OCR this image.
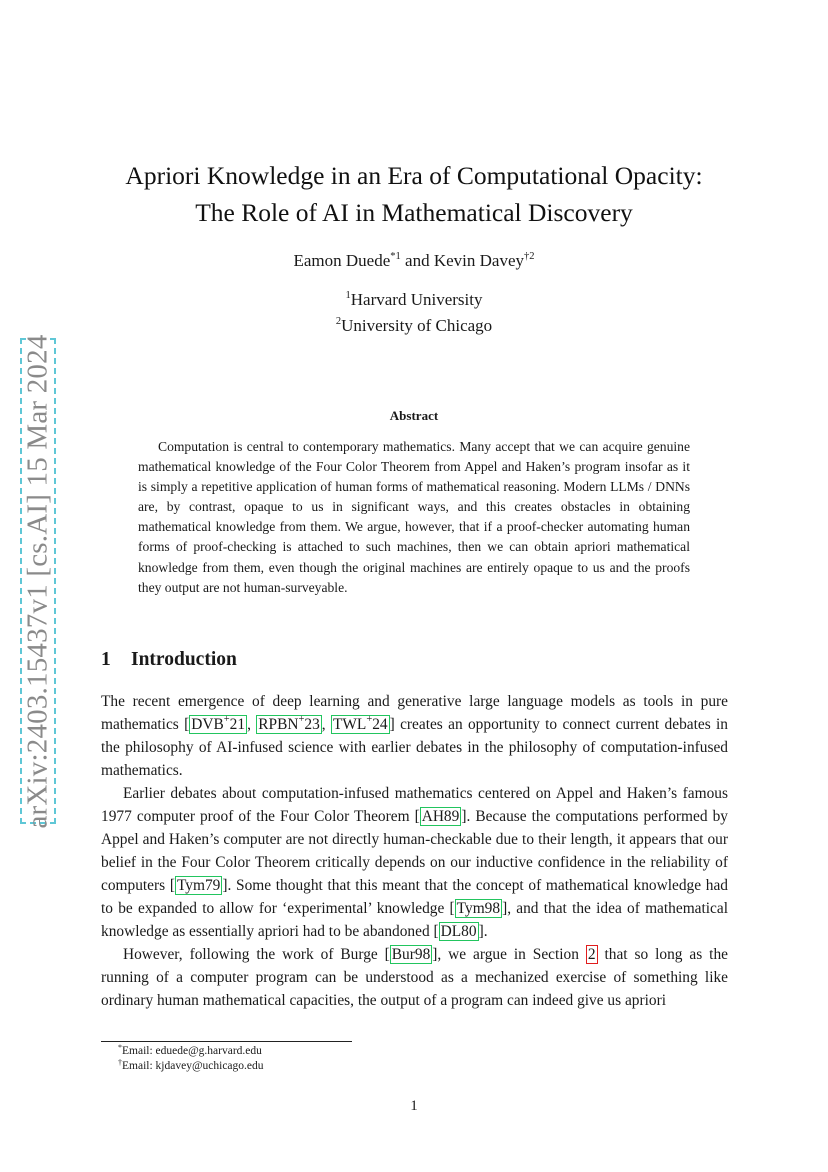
arXiv:2403.15437v1 [cs.AI] 15 Mar 2024
Apriori Knowledge in an Era of Computational Opacity:
The Role of AI in Mathematical Discovery
Eamon Duede$^{*1}$ and Kevin Davey$^{\dagger 2}$
$^1$Harvard University
$^2$University of Chicago
Abstract

Computation is central to contemporary mathematics. Many accept that we can acquire genuine mathematical knowledge of the Four Color Theorem from Appel and Haken’s program insofar as it is simply a repetitive application of human forms of mathematical reasoning. Modern LLMs / DNNs are, by contrast, opaque to us in significant ways, and this creates obstacles in obtaining mathematical knowledge from them. We argue, however, that if a proof-checker automating human forms of proof-checking is attached to such machines, then we can obtain apriori mathematical knowledge from them, even though the original machines are entirely opaque to us and the proofs they output are not human-surveyable.

1 Introduction

The recent emergence of deep learning and generative large language models as tools in pure mathematics [ DVB+21 , RPBN+23 , TWL+24 ] creates an opportunity to connect current debates in the philosophy of AI-infused science with earlier debates in the philosophy of computation-infused mathematics.

Earlier debates about computation-infused mathematics centered on Appel and Haken’s famous 1977 computer proof of the Four Color Theorem [ AH89 ]. Because the computations performed by Appel and Haken’s computer are not directly human-checkable due to their length, it appears that our belief in the Four Color Theorem critically depends on our inductive confidence in the reliability of computers [ Tym79 ]. Some thought that this meant that the concept of mathematical knowledge had to be expanded to allow for ‘experimental’ knowledge [ Tym98 ], and that the idea of mathematical knowledge as essentially apriori had to be abandoned [ DL80 ].

However, following the work of Burge [ Bur98 ], we argue in Section 2 that so long as the running of a computer program can be understood as a mechanized exercise of something like ordinary human mathematical capacities, the output of a program can indeed give us apriori

*Email: eduede@g.harvard.edu
†Email: kjdavey@uchicago.edu
1
